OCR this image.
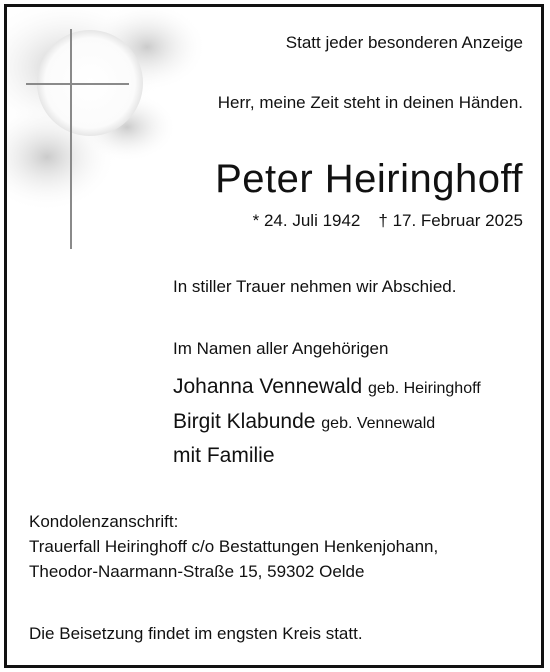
Statt jeder besonderen Anzeige
Herr, meine Zeit steht in deinen Händen.
Peter Heiringhoff
* 24. Juli 1942 † 17. Februar 2025
In stiller Trauer nehmen wir Abschied.
Im Namen aller Angehörigen
Johanna Vennewald geb. Heiringhoff
Birgit Klabunde geb. Vennewald
mit Familie
Kondolenzanschrift:
Trauerfall Heiringhoff c/o Bestattungen Henkenjohann,
Theodor-Naarmann-Straße 15, 59302 Oelde
Die Beisetzung findet im engsten Kreis statt.
